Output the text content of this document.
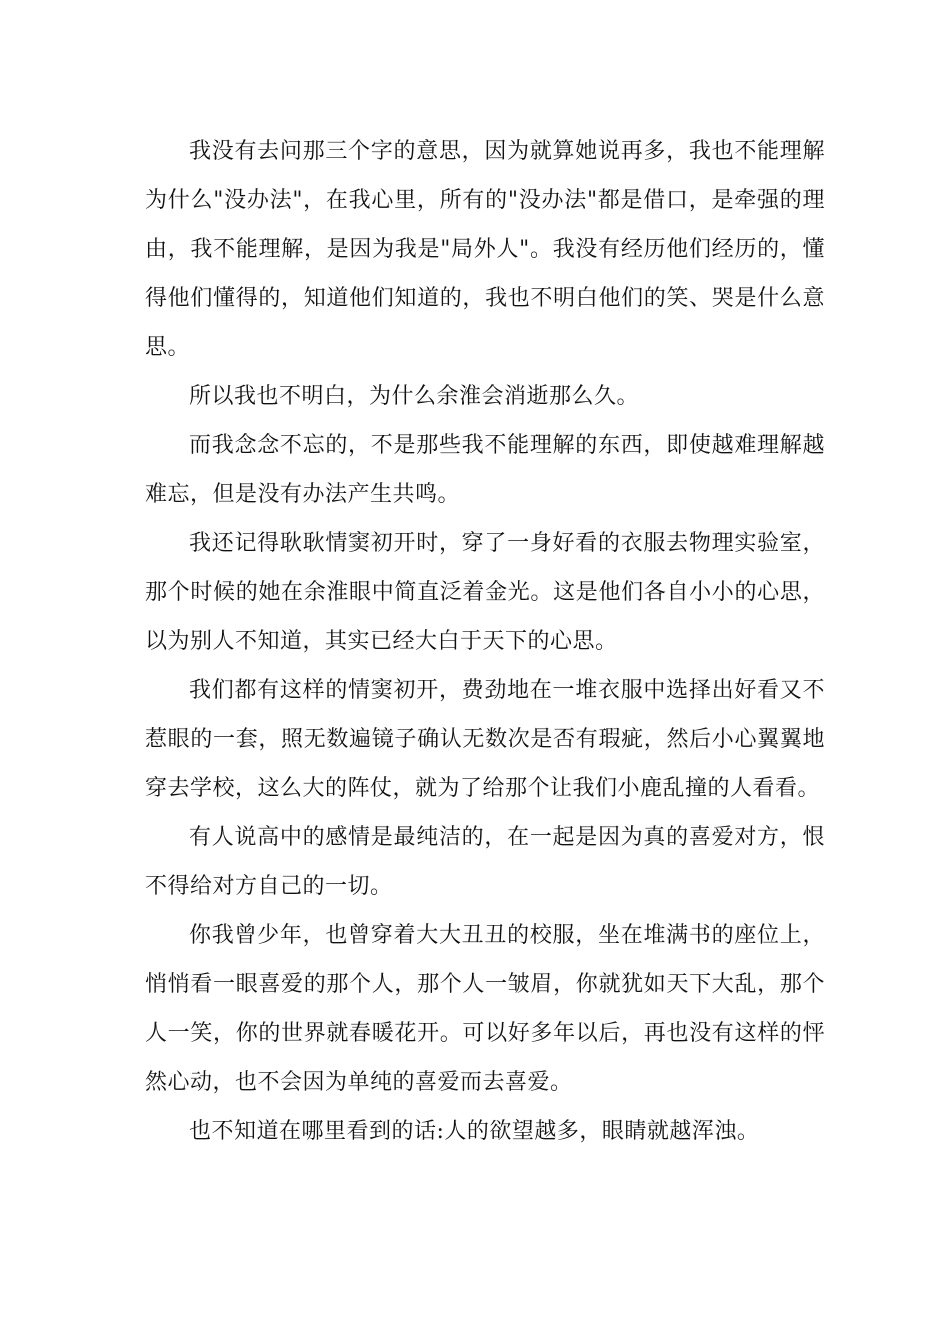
我没有去问那三个字的意思，因为就算她说再多，我也不能理解为什么"没办法"，在我心里，所有的"没办法"都是借口，是牵强的理由，我不能理解，是因为我是"局外人"。我没有经历他们经历的，懂得他们懂得的，知道他们知道的，我也不明白他们的笑、哭是什么意思。

所以我也不明白，为什么余淮会消逝那么久。

而我念念不忘的，不是那些我不能理解的东西，即使越难理解越难忘，但是没有办法产生共鸣。

我还记得耿耿情窦初开时，穿了一身好看的衣服去物理实验室，那个时候的她在余淮眼中简直泛着金光。这是他们各自小小的心思，以为别人不知道，其实已经大白于天下的心思。

我们都有这样的情窦初开，费劲地在一堆衣服中选择出好看又不惹眼的一套，照无数遍镜子确认无数次是否有瑕疵，然后小心翼翼地穿去学校，这么大的阵仗，就为了给那个让我们小鹿乱撞的人看看。

有人说高中的感情是最纯洁的，在一起是因为真的喜爱对方，恨不得给对方自己的一切。

你我曾少年，也曾穿着大大丑丑的校服，坐在堆满书的座位上，悄悄看一眼喜爱的那个人，那个人一皱眉，你就犹如天下大乱，那个人一笑，你的世界就春暖花开。可以好多年以后，再也没有这样的怦然心动，也不会因为单纯的喜爱而去喜爱。

也不知道在哪里看到的话:人的欲望越多，眼睛就越浑浊。
